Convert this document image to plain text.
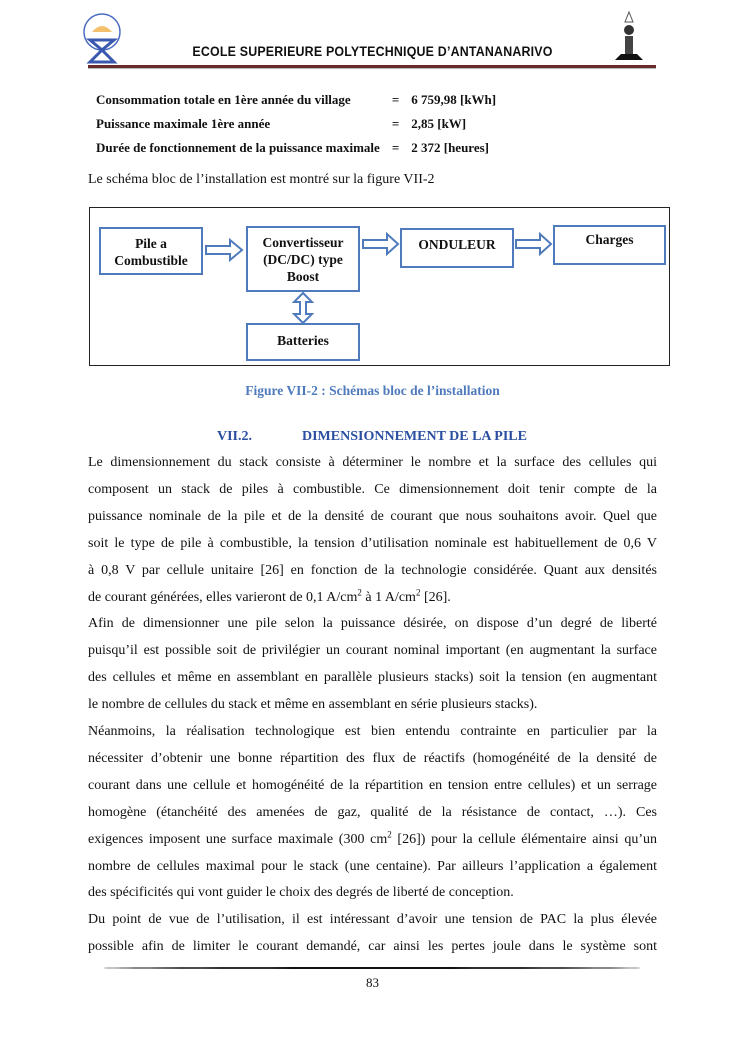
ECOLE SUPERIEURE POLYTECHNIQUE D’ANTANANARIVO
Consommation totale en 1ère année du village	=	6 759,98 [kWh]
Puissance maximale 1ère année	=	2,85 [kW]
Durée de fonctionnement de la puissance maximale	=	2 372 [heures]
Le schéma bloc de l’installation est montré sur la figure VII-2
Pile a
Combustible
Convertisseur
(DC/DC) type
Boost
ONDULEUR	Charges
Batteries
Figure VII-2 : Schémas bloc de l’installation
VII.2.	DIMENSIONNEMENT DE LA PILE
Le dimensionnement du stack consiste à déterminer le nombre et la surface des cellules qui
composent un stack de piles à combustible. Ce dimensionnement doit tenir compte de la
puissance nominale de la pile et de la densité de courant que nous souhaitons avoir. Quel que
soit le type de pile à combustible, la tension d’utilisation nominale est habituellement de 0,6 V
à 0,8 V par cellule unitaire [26] en fonction de la technologie considérée. Quant aux densités
de courant générées, elles varieront de 0,1 $A/cm^2$ à 1 $A/cm^2$ [26].
Afin de dimensionner une pile selon la puissance désirée, on dispose d’un degré de liberté
puisqu’il est possible soit de privilégier un courant nominal important (en augmentant la surface
des cellules et même en assemblant en parallèle plusieurs stacks) soit la tension (en augmentant
le nombre de cellules du stack et même en assemblant en série plusieurs stacks).
Néanmoins, la réalisation technologique est bien entendu contrainte en particulier par la
nécessiter d’obtenir une bonne répartition des flux de réactifs (homogénéité de la densité de
courant dans une cellule et homogénéité de la répartition en tension entre cellules) et un serrage
homogène (étanchéité des amenées de gaz, qualité de la résistance de contact, …). Ces
exigences imposent une surface maximale (300 $cm^2$ [26]) pour la cellule élémentaire ainsi qu’un
nombre de cellules maximal pour le stack (une centaine). Par ailleurs l’application a également
des spécificités qui vont guider le choix des degrés de liberté de conception.
Du point de vue de l’utilisation, il est intéressant d’avoir une tension de PAC la plus élevée
possible afin de limiter le courant demandé, car ainsi les pertes joule dans le système sont
83
